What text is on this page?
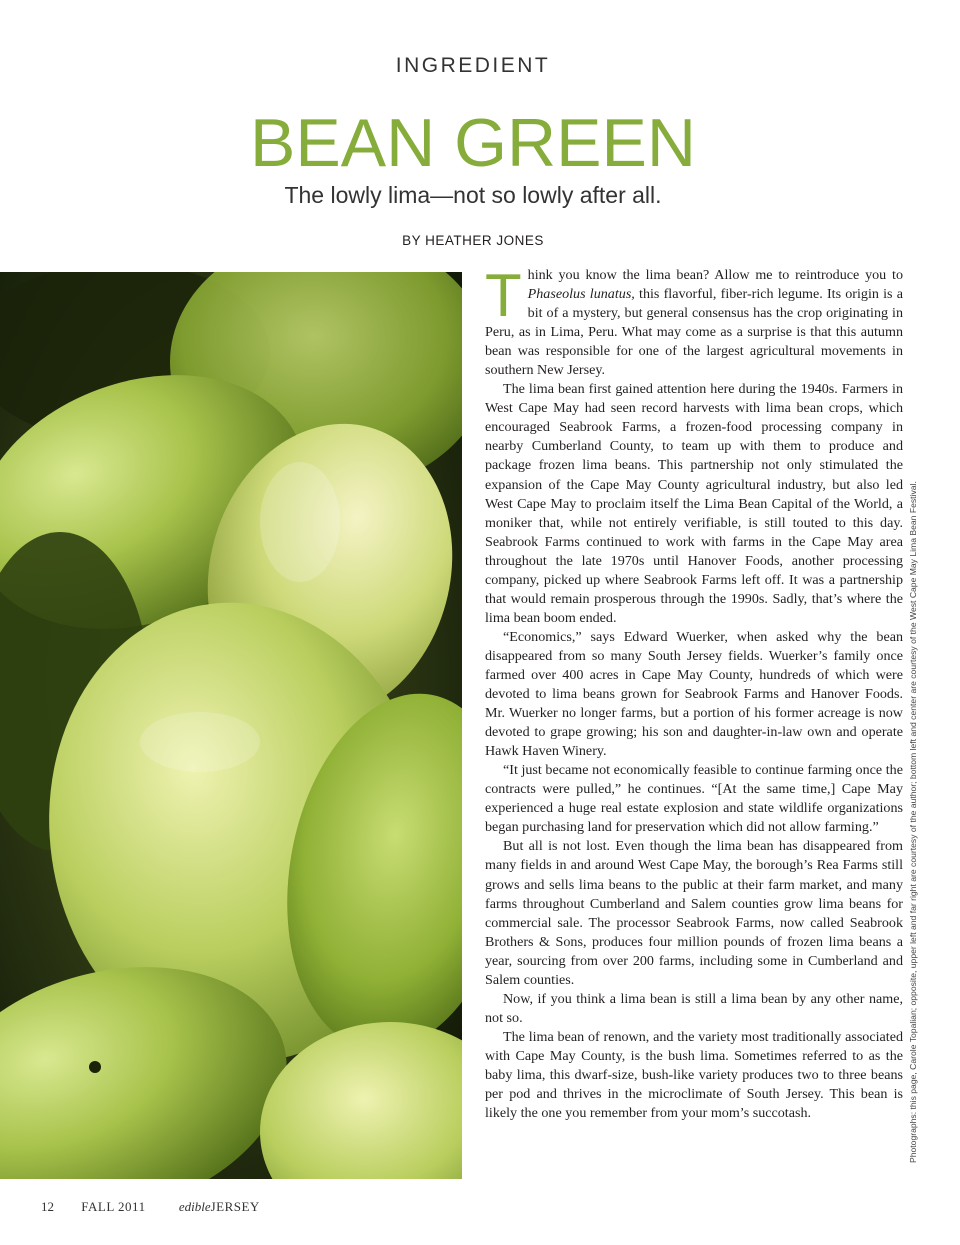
INGREDIENT
BEAN GREEN
The lowly lima—not so lowly after all.
BY HEATHER JONES

Think you know the lima bean? Allow me to reintroduce you to Phaseolus lunatus, this flavorful, fiber-rich legume. Its origin is a bit of a mystery, but general consensus has the crop originating in Peru, as in Lima, Peru. What may come as a surprise is that this autumn bean was responsible for one of the largest agricultural movements in southern New Jersey.

The lima bean first gained attention here during the 1940s. Farmers in West Cape May had seen record harvests with lima bean crops, which encouraged Seabrook Farms, a frozen-food processing company in nearby Cumberland County, to team up with them to produce and package frozen lima beans. This partnership not only stimulated the expansion of the Cape May County agricultural industry, but also led West Cape May to proclaim itself the Lima Bean Capital of the World, a moniker that, while not entirely verifiable, is still touted to this day. Seabrook Farms continued to work with farms in the Cape May area throughout the late 1970s until Hanover Foods, another processing company, picked up where Seabrook Farms left off. It was a partnership that would remain prosperous through the 1990s. Sadly, that’s where the lima bean boom ended.

“Economics,” says Edward Wuerker, when asked why the bean disappeared from so many South Jersey fields. Wuerker’s family once farmed over 400 acres in Cape May County, hundreds of which were devoted to lima beans grown for Seabrook Farms and Hanover Foods. Mr. Wuerker no longer farms, but a portion of his former acreage is now devoted to grape growing; his son and daughter-in-law own and operate Hawk Haven Winery.

“It just became not economically feasible to continue farming once the contracts were pulled,” he continues. “[At the same time,] Cape May experienced a huge real estate explosion and state wildlife organizations began purchasing land for preservation which did not allow farming.”

But all is not lost. Even though the lima bean has disappeared from many fields in and around West Cape May, the borough’s Rea Farms still grows and sells lima beans to the public at their farm market, and many farms throughout Cumberland and Salem counties grow lima beans for commercial sale. The processor Seabrook Farms, now called Seabrook Brothers & Sons, produces four million pounds of frozen lima beans a year, sourcing from over 200 farms, including some in Cumberland and Salem counties.

Now, if you think a lima bean is still a lima bean by any other name, not so.

The lima bean of renown, and the variety most traditionally associated with Cape May County, is the bush lima. Sometimes referred to as the baby lima, this dwarf-size, bush-like variety produces two to three beans per pod and thrives in the microclimate of South Jersey. This bean is likely the one you remember from your mom’s succotash.	Photographs: this page, Carole Topalian; opposite, upper left and far right are courtesy of the author; bottom left and center are courtesy of the West Cape May Lima Bean Festival.
12 FALL 2011	edibleJERSEY
